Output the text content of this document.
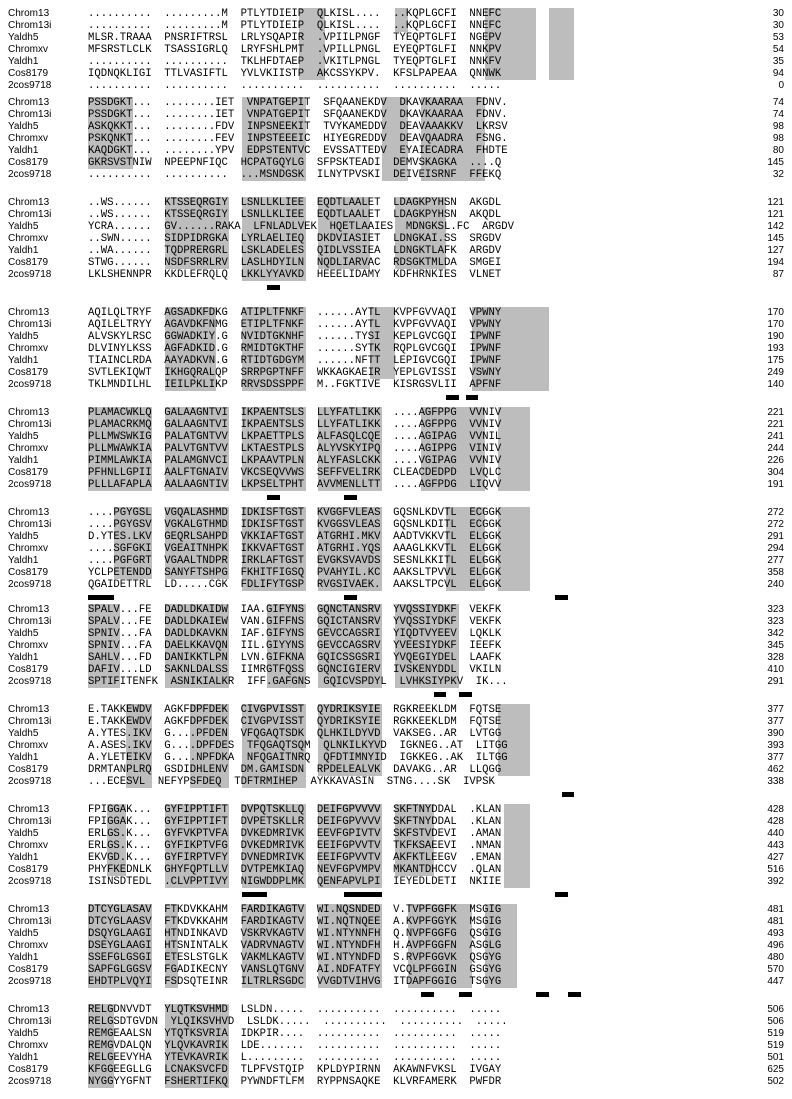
Chrom13	..........  .........M  PTLYTDIEIP  QLKISL....  ..KQPLGCFI  NNEFC	30
Chrom13i	..........  .........M  PTLYTDIEIP  QLKISL....  ..KQPLGCFI  NNEFC	30
Yaldh5	MLSR.TRAAA  PNSRIFTRSL  LRLYSQAPIR  .VPIILPNGF  TYEQPTGLFI  NGEPV	53
Chromxv	MFSRSTLCLK  TSASSIGRLQ  LRYFSHLPMT  .VPILLPNGL  EYEQPTGLFI  NNKPV	54
Yaldh1	..........  ..........  TKLHFDTAEP  .VKITLPNGL  TYEQPTGLFI  NNKFV	35
Cos8179	IQDNQKLIGI  TTLVASIFTL  YVLVKIISTP  AKCSSYKPV.  KFSLPAPEAA  QNNWK	94
2cos9718	..........  ..........  ..........  ..........  ..........  .....	0
Chrom13	PSSDGKT...  ........IET  VNPATGEPIT  SFQAANEKDV  DKAVKAARAA  FDNV.	74
Chrom13i	PSSDGKT...  ........IET  VNPATGEPIT  SFQAANEKDV  DKAVKAARAA  FDNV.	74
Yaldh5	ASKQKKT...  ........FDV  INPSNEEKIT  TVYKAMEDDV  DEAVAAAKKV  LKRSV	98
Chromxv	PSKQNKT...  ........FEV  INPSTEEEIC  HIYEGREDDV  DEAVQAADRA  FSNG.	98
Yaldh1	KAQDGKT...  ........YPV  EDPSTENTVC  EVSSATTEDV  EYAIECADRA  FHDTE	80
Cos8179	GKRSVSTNIW  NPEEPNFIQC  HCPATGQYLG  SFPSKTEADI  DEMVSKAGKA  ....Q	145
2cos9718	..........  ..........  ...MSNDGSK  ILNYTPVSKI  DEIVEISRNF  FFEKQ	32
Chrom13	..WS......  KTSSEQRGIY  LSNLLKLIEE  EQDTLAALET  LDAGKPYHSN  AKGDL	121
Chrom13i	..WS......  KTSSEQRGIY  LSNLLKLIEE  EQDTLAALET  LDAGKPYHSN  AKQDL	121
Yaldh5	YCRA......  GV......RAKA  LFNLADLVEK  HQETLAAIES  MDNGKSL.FC  ARGDV	142
Chromxv	..SWN.....  SIDPIDRGKA  LYRLAELIEQ  DKDVIASIET  LDNGKAI.SS  SRGDV	145
Yaldh1	..WA......  TQDPRERGRL  LSKLADELES  QIDLVSSIEA  LDNGKTLAFK  ARGDV	127
Cos8179	STWG......  NSDFSRRLRV  LASLHDYILN  NQDLIARVAC  RDSGKTMLDA  SMGEI	194
2cos9718	LKLSHENNPR  KKDLEFRQLQ  LKKLYYAVKD  HEEELIDAMY  KDFHRNKIES  VLNET	87
Chrom13	AQILQLTRYF  AGSADKFDKG  ATIPLTFNKF  ......AYTL  KVPFGVVAQI  VPWNY	170
Chrom13i	AQILELTRYY  AGAVDKFNMG  ETIPLTFNKF  ......AYTL  KVPFGVVAQI  VPWNY	170
Yaldh5	ALVSKYLRSC  GGWADKIY.G  NVIDTGKNHF  ......TYSI  KEPLGVCGQI  IPWNF	190
Chromxv	DLVINYLKSS  AGFADKID.G  RMIDTGKTHF  ......SYTK  RQPLGVCGQI  IPWNF	193
Yaldh1	TIAINCLRDA  AAYADKVN.G  RTIDTGDGYM  ......NFTT  LEPIGVCGQI  IPWNF	175
Cos8179	SVTLEKIQWT  IKHGQRALQP  SRRPGPTNFF  WKKAGKAEIR  YEPLGVISSI  VSWNY	249
2cos9718	TKLMNDILHL  IEILPKLIKP  RRVSDSSPPF  M..FGKTIVE  KISRGSVLII  APFNF	140
Chrom13	PLAMACWKLQ  GALAAGNTVI  IKPAENTSLS  LLYFATLIKK  ....AGFPPG  VVNIV	221
Chrom13i	PLAMACRKMQ  GALAAGNTVI  IKPAENTSLS  LLYFATLIKK  ....AGFPPG  VVNIV	221
Yaldh5	PLLMWSWKIG  PALATGNTVV  LKPAETTPLS  ALFASQLCQE  ....AGIPAG  VVNIL	241
Chromxv	PLLMWAWKIA  PALVTGNTVV  LKTAESTPLS  ALYVSKYIPQ  ....AGIPPG  VINIV	244
Yaldh1	PIMMLAWKIA  PALAMGNVCI  LKPAAVTPLN  ALYFASLCKK  ....VGIPAG  VVNIV	226
Cos8179	PFHNLLGPII  AALFTGNAIV  VKCSEQVVWS  SEFFVELIRK  CLEACDEDPD  LVQLC	304
2cos9718	PLLLAFAPLA  AALAAGNTIV  LKPSELTPHT  AVVMENLLTT  ....AGFPDG  LIQVV	191
Chrom13	....PGYGSL  VGQALASHMD  IDKISFTGST  KVGGFVLEAS  GQSNLKDVTL  ECGGK	272
Chrom13i	....PGYGSV  VGKALGTHMD  IDKISFTGST  KVGGSVLEAS  GQSNLKDITL  ECGGK	272
Yaldh5	D.YTES.LKV  GEQRLSAHPD  VKKIAFTGST  ATGRHI.MKV  AADTVKKVTL  ELGGK	291
Chromxv	....SGFGKI  VGEAITNHPK  IKKVAFTGST  ATGRHI.YQS  AAAGLKKVTL  ELGGK	294
Yaldh1	....PGFGRT  VGAALTNDPR  IRKLAFTGST  EVGKSVAVDS  SESNLKKITL  ELGGK	277
Cos8179	YCLPETENDD  SANYFTSHPG  FKHITFIGSQ  PVAHYIL.KC  AAKSLTPVVL  ELGGK	358
2cos9718	QGAIDETTRL  LD.....CGK  FDLIFYTGSP  RVGSIVAEK.  AAKSLTPCVL  ELGGK	240
Chrom13	SPALV...FE  DADLDKAIDW  IAA.GIFYNS  GQNCTANSRV  YVQSSIYDKF  VEKFK	323
Chrom13i	SPALV...FE  DADLDKAIEW  VAN.GIFFNS  GQICTANSRV  YVQSSIYDKF  VEKFK	323
Yaldh5	SPNIV...FA  DADLDKAVKN  IAF.GIFYNS  GEVCCAGSRI  YIQDTVYEEV  LQKLK	342
Chromxv	SPNIV...FA  DAELKKAVQN  IIL.GIYYNS  GEVCCAGSRV  YVEESIYDKF  IEEFK	345
Yaldh1	SAHLV...FD  DANIKKTLPN  LVN.GIFKNA  GQICSSGSRI  YVQEGIYDEL  LAAFK	328
Cos8179	DAFIV...LD  SAKNLDALSS  IIMRGTFQSS  GQNCIGIERV  IVSKENYDDL  VKILN	410
2cos9718	SPTIFITENFK  ASNIKIALKR  IFF.GAFGNS  GQICVSPDYL  LVHKSIYPKV  IK...	291
Chrom13	E.TAKKEWDV  AGKFDPFDEK  CIVGPVISST  QYDRIKSYIE  RGKREEKLDM  FQTSE	377
Chrom13i	E.TAKKEWDV  AGKFDPFDEK  CIVGPVISST  QYDRIKSYIE  RGKKEEKLDM  FQTSE	377
Yaldh5	A.YTES.IKV  G....PFDEN  VFQGAQTSDK  QLHKILDYVD  VAKSEG..AR  LVTGG	390
Chromxv	A.ASES.IKV  G....DPFDES  TFQGAQTSQM  QLNKILKYVD  IGKNEG..AT  LITGG	393
Yaldh1	A.YLETEIKV  G....NPFDKA  NFQGAITNRQ  QFDTIMNYID  IGKKEG..AK  ILTGG	377
Cos8179	DRMTANPLRQ  GSDIDHLENV  DM.GAMISDN  RPDELEALVK  DAVAKG..AR  LLQGG	462
2cos9718	...ECESVL  NEFYPSFDEQ  TDFTRMIHEP  AYKKAVASIN  STNG....SK  IVPSK	338
Chrom13	FPIGGAK...  GYFIPPTIFT  DVPQTSKLLQ  DEIFGPVVVV  SKFTNYDDAL  .KLAN	428
Chrom13i	FPIGGAK...  GYFIPPTIFT  DVPETSKLLR  DEIFGPVVVV  SKFTNYDDAL  .KLAN	428
Yaldh5	ERLGS.K...  GYFVKPTVFA  DVKEDMRIVK  EEVFGPIVTV  SKFSTVDEVI  .AMAN	440
Chromxv	ERLGS.K...  GYFIKPTVFG  DVKEDMRIVK  EEIFGPVVTV  TKFKSAEEVI  .NMAN	443
Yaldh1	EKVGD.K...  GYFIRPTVFY  DVNEDMRIVK  EEIFGPVVTV  AKFKTLEEGV  .EMAN	427
Cos8179	PHYFKEDNLK  GHYFQPTLLV  DVTPEMKIAQ  NEVFGPVMPV  MKANTDHCCV  .QLAN	516
2cos9718	ISINSDTEDL  .CLVPPTIVY  NIGWDDPLMK  QENFAPVLPI  IEYEDLDETI  NKIIE	392
Chrom13	DTCYGLASAV  FTKDVKKAHM  FARDIKAGTV  WI.NQSNDED  V.TVPFGGFK  MSGIG	481
Chrom13i	DTCYGLAASV  FTKDVKKAHM  FARDIKAGTV  WI.NQTNQEE  A.KVPFGGYK  MSGIG	481
Yaldh5	DSQYGLAAGI  HTNDINKAVD  VSKRVKAGTV  WI.NTYNNFH  Q.NVPFGGFG  QSGIG	493
Chromxv	DSEYGLAAGI  HTSNINTALK  VADRVNAGTV  WI.NTYNDFH  H.AVPFGGFN  ASGLG	496
Yaldh1	SSEFGLGSGI  ETESLSTGLK  VAKMLKAGTV  WI.NTYNDFD  S.RVPFGGVK  QSGYG	480
Cos8179	SAPFGLGGSV  FGADIKECNY  VANSLQTGNV  AI.NDFATFY  VCQLPFGGIN  GSGYG	570
2cos9718	EHDTPLVQYI  FSDSQTEINR  ILTRLRSGDC  VVGDTVIHVG  ITDAPFGGIG  TSGYG	447
Chrom13	RELGDNVVDT  YLQTKSVHMD  LSLDN.....  ..........  ..........  .....	506
Chrom13i	RELGSDTGVDN  YLQIKSVHVD  LSLDK.....  ..........  ..........  .....	506
Yaldh5	REMGEAALSN  YTQTKSVRIA  IDKPIR....  ..........  ..........  .....	519
Chromxv	REMGVDALQN  YLQVKAVRIK  LDE.......  ..........  ..........  .....	519
Yaldh1	RELGEEVYHA  YTEVKAVRIK  L.........  ..........  ..........  .....	501
Cos8179	KFGGEEGLLG  LCNAKSVCFD  TLPFVSTQIP  KPLDYPIRNN  AKAWNFVKSL  IVGAY	625
2cos9718	NYGGYYGFNT  FSHERTIFKQ  PYWNDFTLFM  RYPPNSAQKE  KLVRFAMERK  PWFDR	502
